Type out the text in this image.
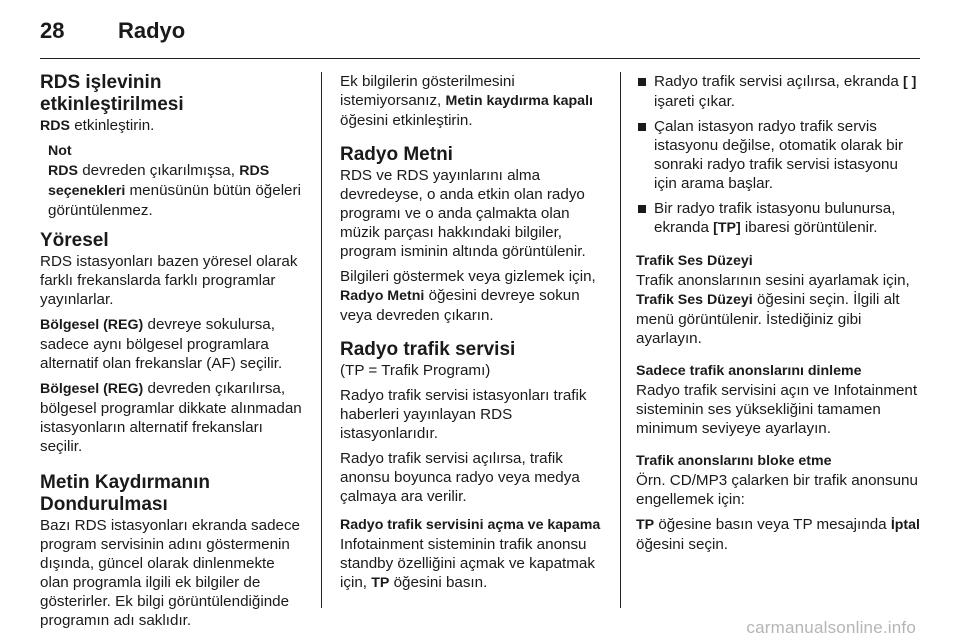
28	Radyo
RDS işlevinin etkinleştirilmesi

RDS etkinleştirin.

Not

RDS devreden çıkarılmışsa, RDS seçenekleri menüsünün bütün öğeleri görüntülenmez.

Yöresel

RDS istasyonları bazen yöresel olarak farklı frekanslarda farklı programlar yayınlarlar.

Bölgesel (REG) devreye sokulursa, sadece aynı bölgesel programlara alternatif olan frekanslar (AF) seçilir.

Bölgesel (REG) devreden çıkarılırsa, bölgesel programlar dikkate alınmadan istasyonların alternatif frekansları seçilir.

Metin Kaydırmanın Dondurulması

Bazı RDS istasyonları ekranda sadece program servisinin adını göstermenin dışında, güncel olarak dinlenmekte olan programla ilgili ek bilgiler de gösterirler. Ek bilgi görüntülendiğinde programın adı saklıdır.

Ek bilgilerin gösterilmesini istemiyorsanız, Metin kaydırma kapalı öğesini etkinleştirin.

Radyo Metni

RDS ve RDS yayınlarını alma devredeyse, o anda etkin olan radyo programı ve o anda çalmakta olan müzik parçası hakkındaki bilgiler, program isminin altında görüntülenir.

Bilgileri göstermek veya gizlemek için, Radyo Metni öğesini devreye sokun veya devreden çıkarın.

Radyo trafik servisi

(TP = Trafik Programı)

Radyo trafik servisi istasyonları trafik haberleri yayınlayan RDS istasyonlarıdır.

Radyo trafik servisi açılırsa, trafik anonsu boyunca radyo veya medya çalmaya ara verilir.

Radyo trafik servisini açma ve kapama

Infotainment sisteminin trafik anonsu standby özelliğini açmak ve kapatmak için, TP öğesini basın.

Radyo trafik servisi açılırsa, ekranda [ ] işareti çıkar.
Çalan istasyon radyo trafik servis istasyonu değilse, otomatik olarak bir sonraki radyo trafik servisi istasyonu için arama başlar.
Bir radyo trafik istasyonu bulunursa, ekranda [TP] ibaresi görüntülenir.
Trafik Ses Düzeyi

Trafik anonslarının sesini ayarlamak için, Trafik Ses Düzeyi öğesini seçin. İlgili alt menü görüntülenir. İstediğiniz gibi ayarlayın.

Sadece trafik anonslarını dinleme

Radyo trafik servisini açın ve Infotainment sisteminin ses yüksekliğini tamamen minimum seviyeye ayarlayın.

Trafik anonslarını bloke etme

Örn. CD/MP3 çalarken bir trafik anonsunu engellemek için:

TP öğesine basın veya TP mesajında İptal öğesini seçin.

carmanualsonline.info
